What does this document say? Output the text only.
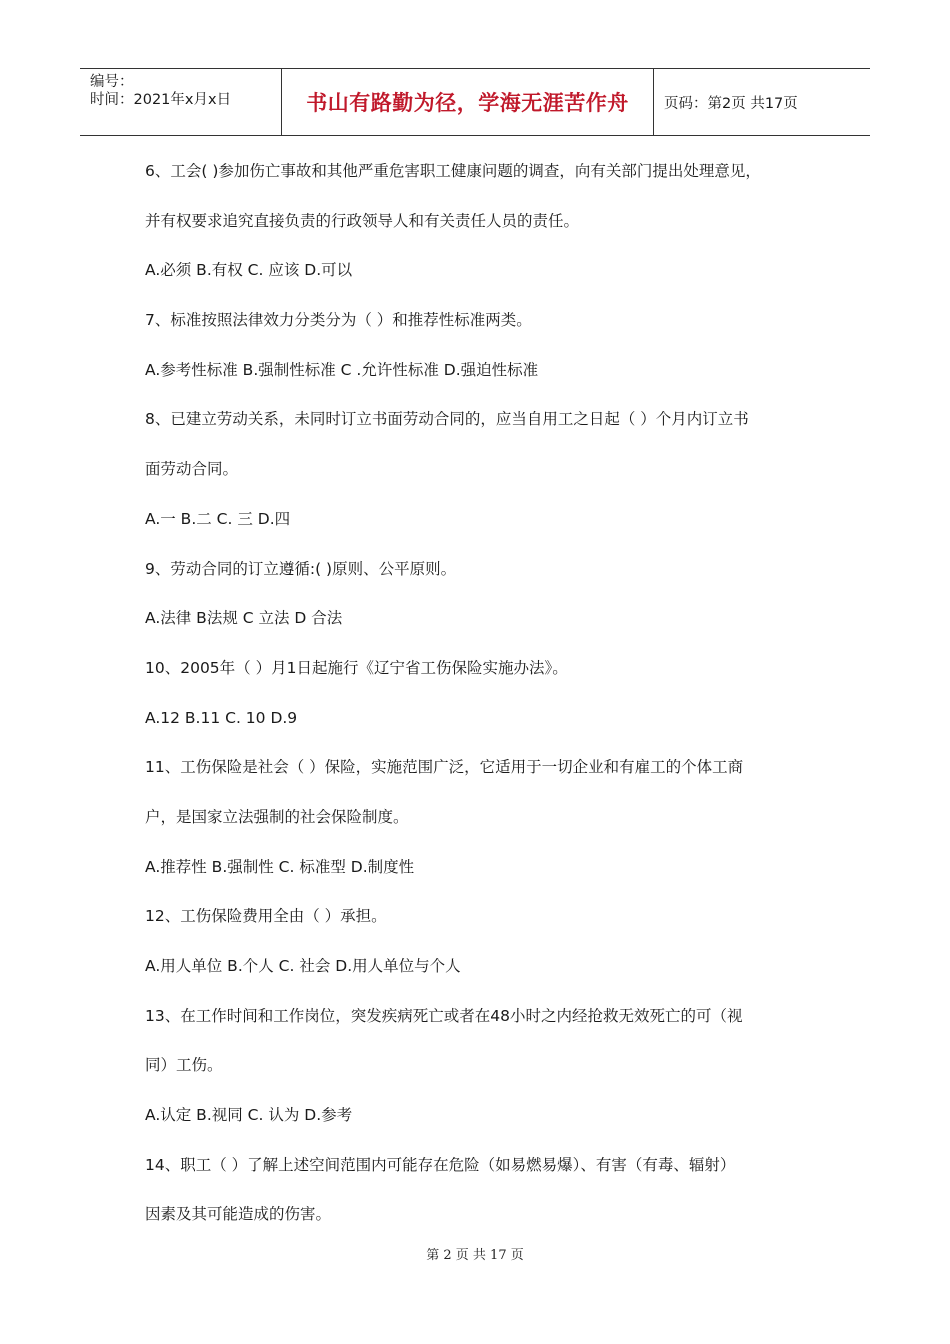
编号：
时间：2021年x月x日	书山有路勤为径，学海无涯苦作舟 页码：第2页 共17页
6、工会( )参加伤亡事故和其他严重危害职工健康问题的调查，向有关部门提出处理意见，
并有权要求追究直接负责的行政领导人和有关责任人员的责任。
A.必须 B.有权 C. 应该 D.可以
7、标准按照法律效力分类分为（ ）和推荐性标准两类。
A.参考性标准 B.强制性标准 C .允许性标准 D.强迫性标准
8、已建立劳动关系，未同时订立书面劳动合同的，应当自用工之日起（ ）个月内订立书
面劳动合同。
A.一 B.二 C. 三 D.四
9、劳动合同的订立遵循:( )原则、公平原则。
A.法律 B法规 C 立法 D 合法
10、2005年（ ）月1日起施行《辽宁省工伤保险实施办法》。
A.12 B.11 C. 10 D.9
11、工伤保险是社会（ ）保险，实施范围广泛，它适用于一切企业和有雇工的个体工商
户，是国家立法强制的社会保险制度。
A.推荐性 B.强制性 C. 标准型 D.制度性
12、工伤保险费用全由（ ）承担。
A.用人单位 B.个人 C. 社会 D.用人单位与个人
13、在工作时间和工作岗位，突发疾病死亡或者在48小时之内经抢救无效死亡的可（视
同）工伤。
A.认定 B.视同 C. 认为 D.参考
14、职工（ ）了解上述空间范围内可能存在危险（如易燃易爆）、有害（有毒、辐射）
因素及其可能造成的伤害。
第 2 页 共 17 页
